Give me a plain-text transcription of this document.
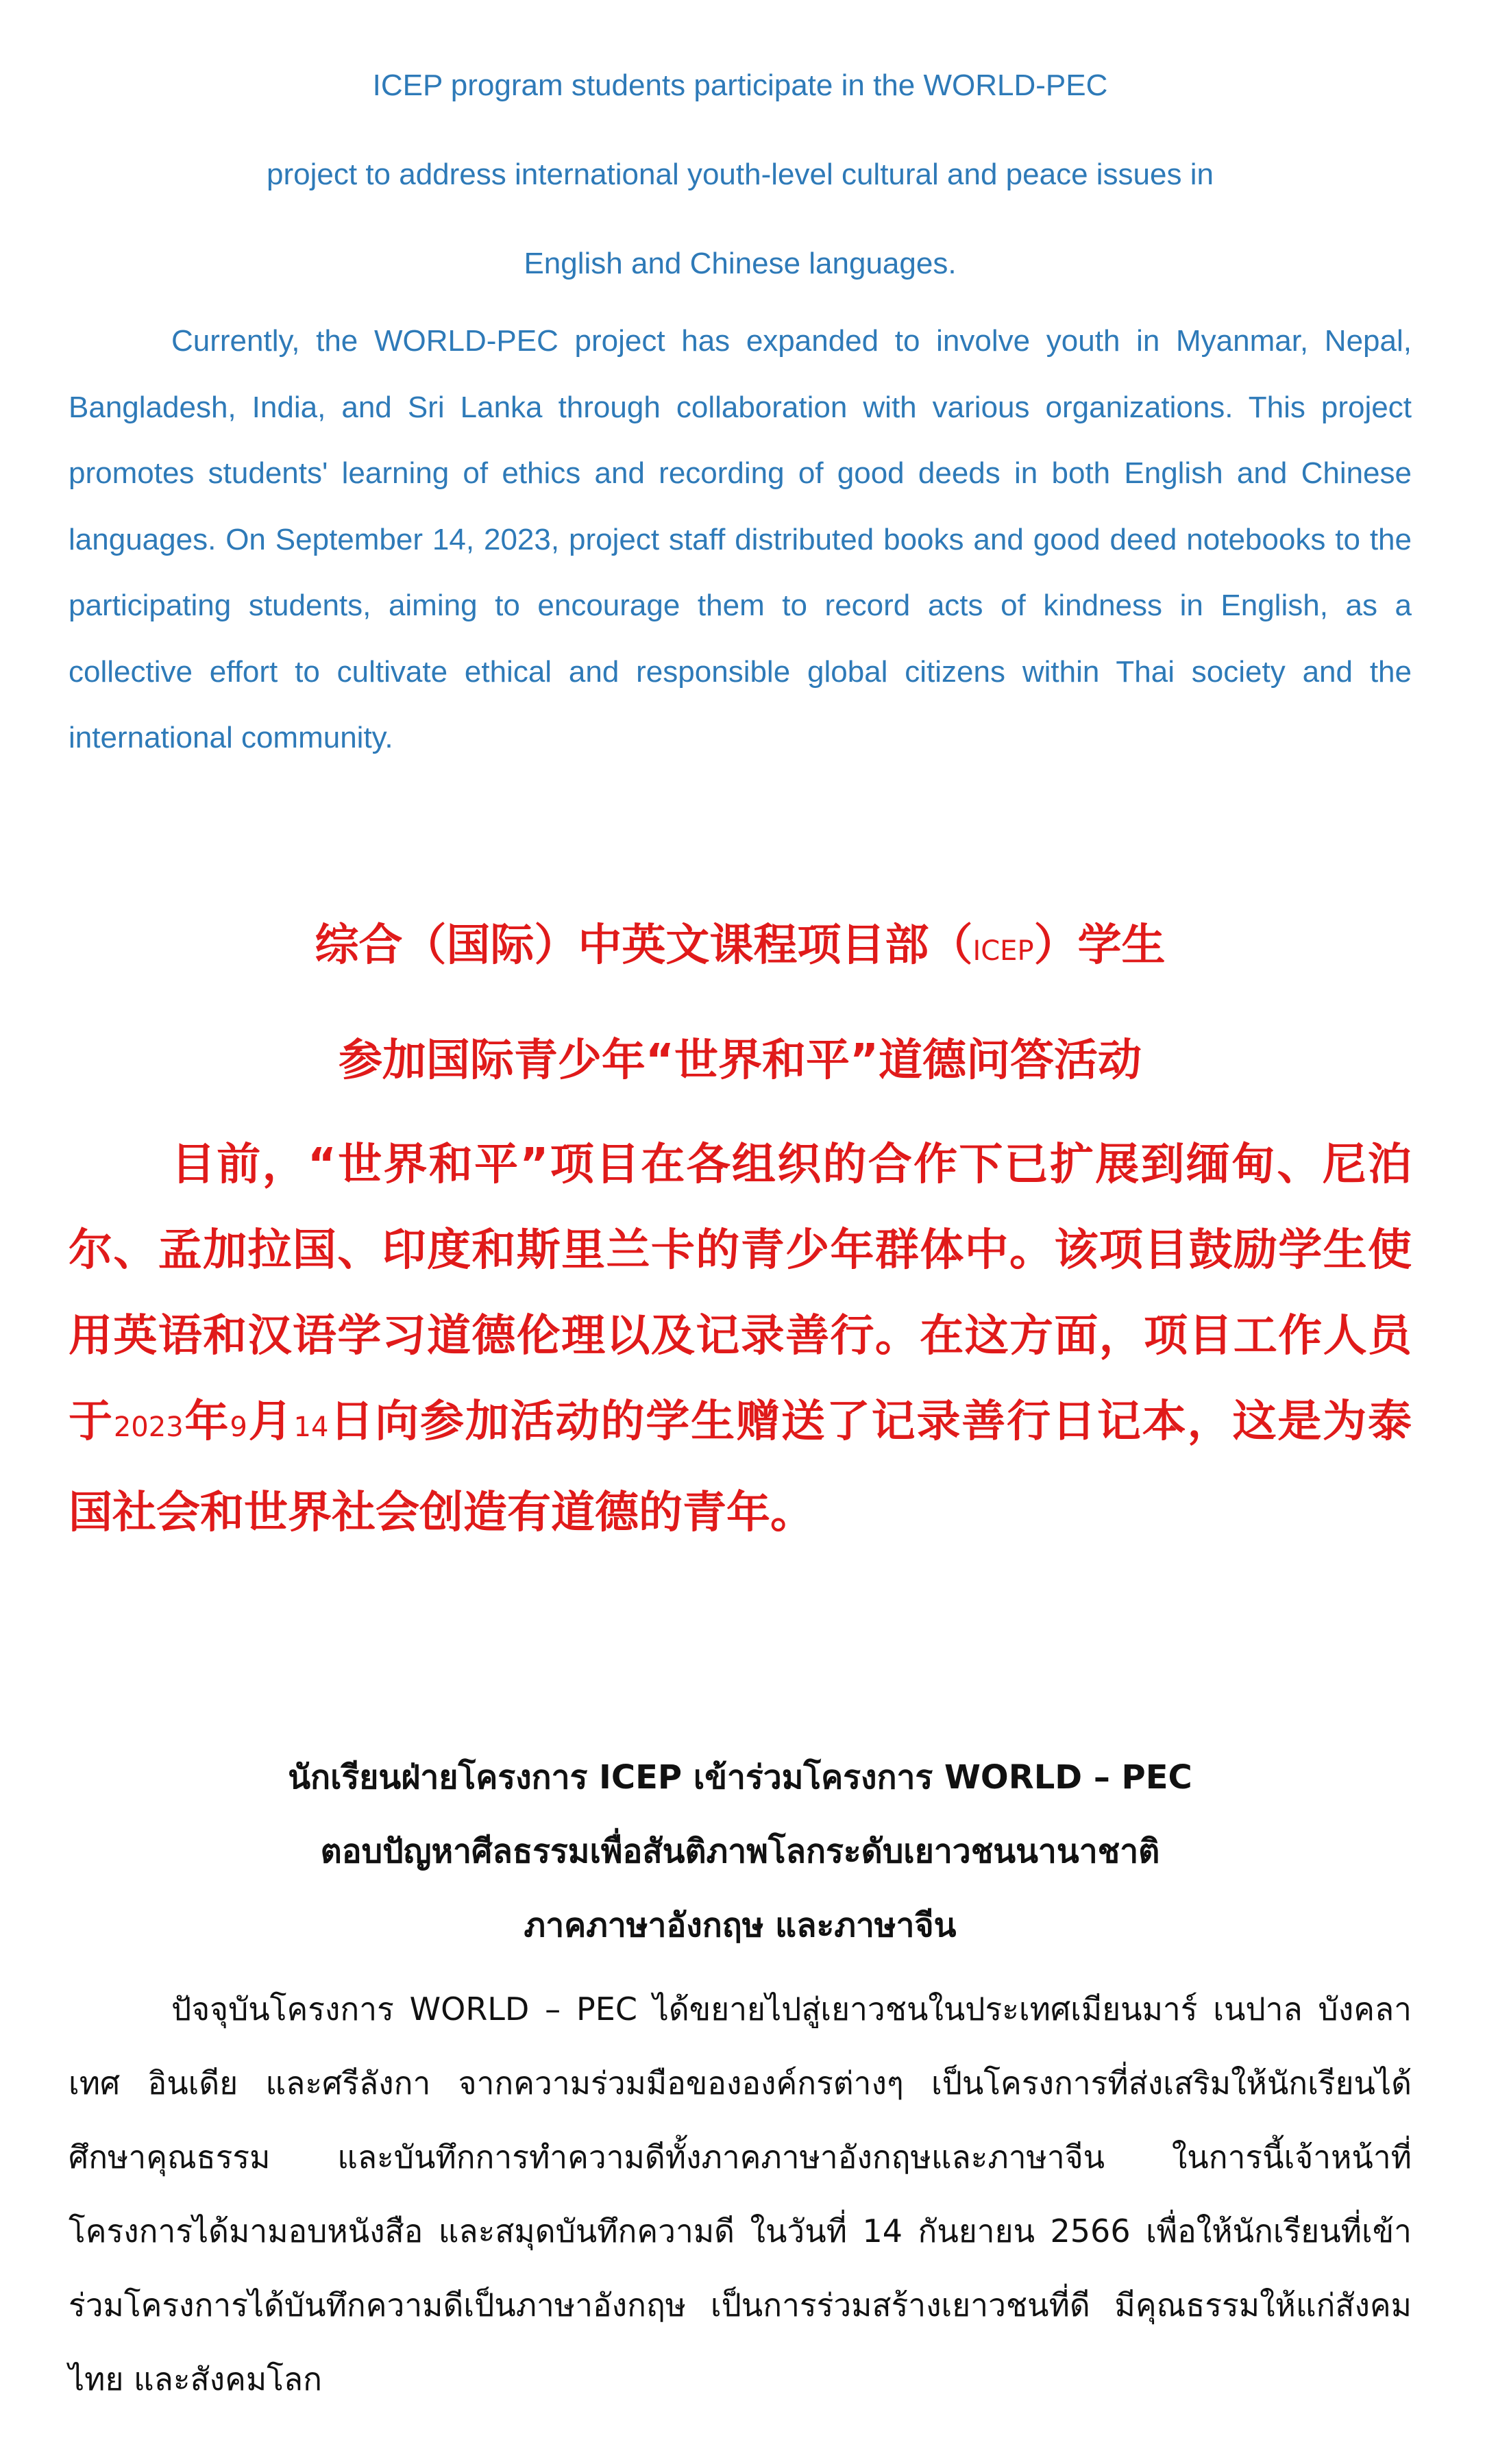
ICEP program students participate in the WORLD-PEC

project to address international youth-level cultural and peace issues in

English and Chinese languages.

Currently, the WORLD-PEC project has expanded to involve youth in Myanmar, Nepal, Bangladesh, India, and Sri Lanka through collaboration with various organizations. This project promotes students' learning of ethics and recording of good deeds in both English and Chinese languages. On September 14, 2023, project staff distributed books and good deed notebooks to the participating students, aiming to encourage them to record acts of kindness in English, as a collective effort to cultivate ethical and responsible global citizens within Thai society and the international community.

综合（国际）中英文课程项目部（ICEP）学生

参加国际青少年“世界和平”道德问答活动

目前，“世界和平”项目在各组织的合作下已扩展到缅甸、尼泊尔、孟加拉国、印度和斯里兰卡的青少年群体中。该项目鼓励学生使用英语和汉语学习道德伦理以及记录善行。在这方面，项目工作人员于2023年9月14日向参加活动的学生赠送了记录善行日记本，这是为泰国社会和世界社会创造有道德的青年。

นักเรียนฝ่ายโครงการ ICEP เข้าร่วมโครงการ WORLD – PEC

ตอบปัญหาศีลธรรมเพื่อสันติภาพโลกระดับเยาวชนนานาชาติ

ภาคภาษาอังกฤษ และภาษาจีน

ปัจจุบันโครงการ WORLD – PEC ได้ขยายไปสู่เยาวชนในประเทศเมียนมาร์ เนปาล บังคลาเทศ อินเดีย และศรีลังกา จากความร่วมมือขององค์กรต่างๆ เป็นโครงการที่ส่งเสริมให้นักเรียนได้ศึกษาคุณธรรม และบันทึกการทำความดีทั้งภาคภาษาอังกฤษและภาษาจีน ในการนี้เจ้าหน้าที่โครงการได้มามอบหนังสือ และสมุดบันทึกความดี ในวันที่ 14 กันยายน 2566 เพื่อให้นักเรียนที่เข้าร่วมโครงการได้บันทึกความดีเป็นภาษาอังกฤษ เป็นการร่วมสร้างเยาวชนที่ดี มีคุณธรรมให้แก่สังคมไทย และสังคมโลก
